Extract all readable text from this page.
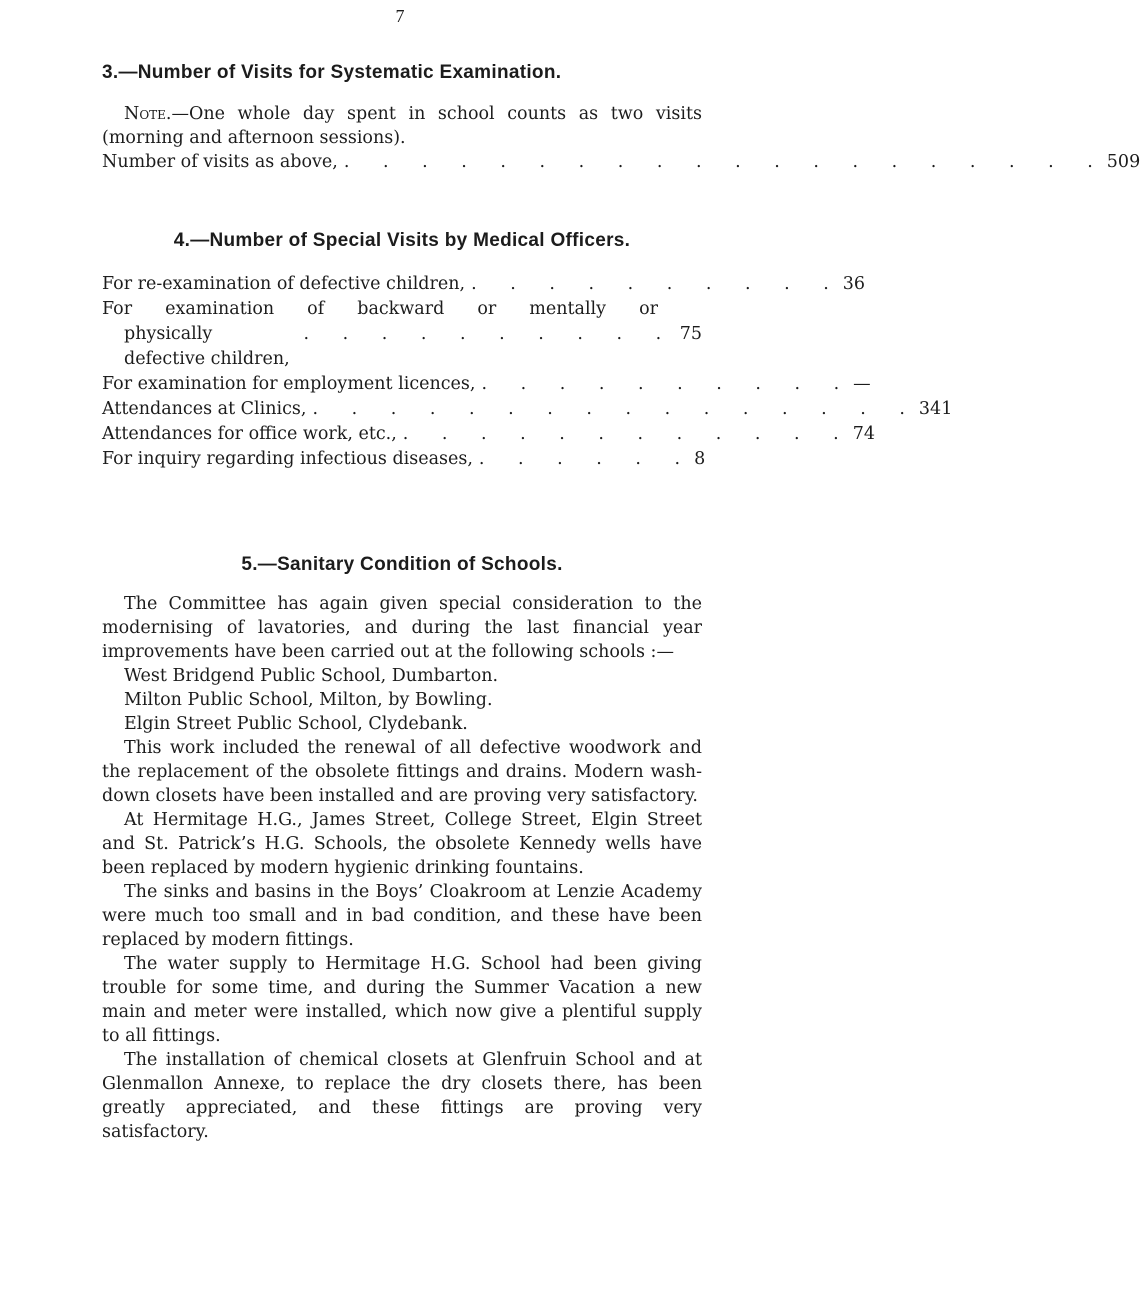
7
3.—Number of Visits for Systematic Examination.
Note.—One whole day spent in school counts as two visits (morning and afternoon sessions).
Number of visits as above, . . . . . . . . . . . . . . . . . . . . 509
4.—Number of Special Visits by Medical Officers.
For re-examination of defective children, . . . . . . . . . . 36
For examination of backward or mentally or
physically defective children,
. . . . . . . . . . 75
For examination for employment licences, . . . . . . . . . . —
Attendances at Clinics, . . . . . . . . . . . . . . . . 341
Attendances for office work, etc., . . . . . . . . . . . . 74
For inquiry regarding infectious diseases, . . . . . . 8
5.—Sanitary Condition of Schools.
The Committee has again given special consideration to the modernising of lavatories, and during the last financial year improvements have been carried out at the following schools :—
West Bridgend Public School, Dumbarton.
Milton Public School, Milton, by Bowling.
Elgin Street Public School, Clydebank.
This work included the renewal of all defective woodwork and the replacement of the obsolete fittings and drains. Modern wash-down closets have been installed and are proving very satisfactory.
At Hermitage H.G., James Street, College Street, Elgin Street and St. Patrick’s H.G. Schools, the obsolete Kennedy wells have been replaced by modern hygienic drinking fountains.
The sinks and basins in the Boys’ Cloakroom at Lenzie Academy were much too small and in bad condition, and these have been replaced by modern fittings.
The water supply to Hermitage H.G. School had been giving trouble for some time, and during the Summer Vacation a new main and meter were installed, which now give a plentiful supply to all fittings.
The installation of chemical closets at Glenfruin School and at Glenmallon Annexe, to replace the dry closets there, has been greatly appreciated, and these fittings are proving very satisfactory.
